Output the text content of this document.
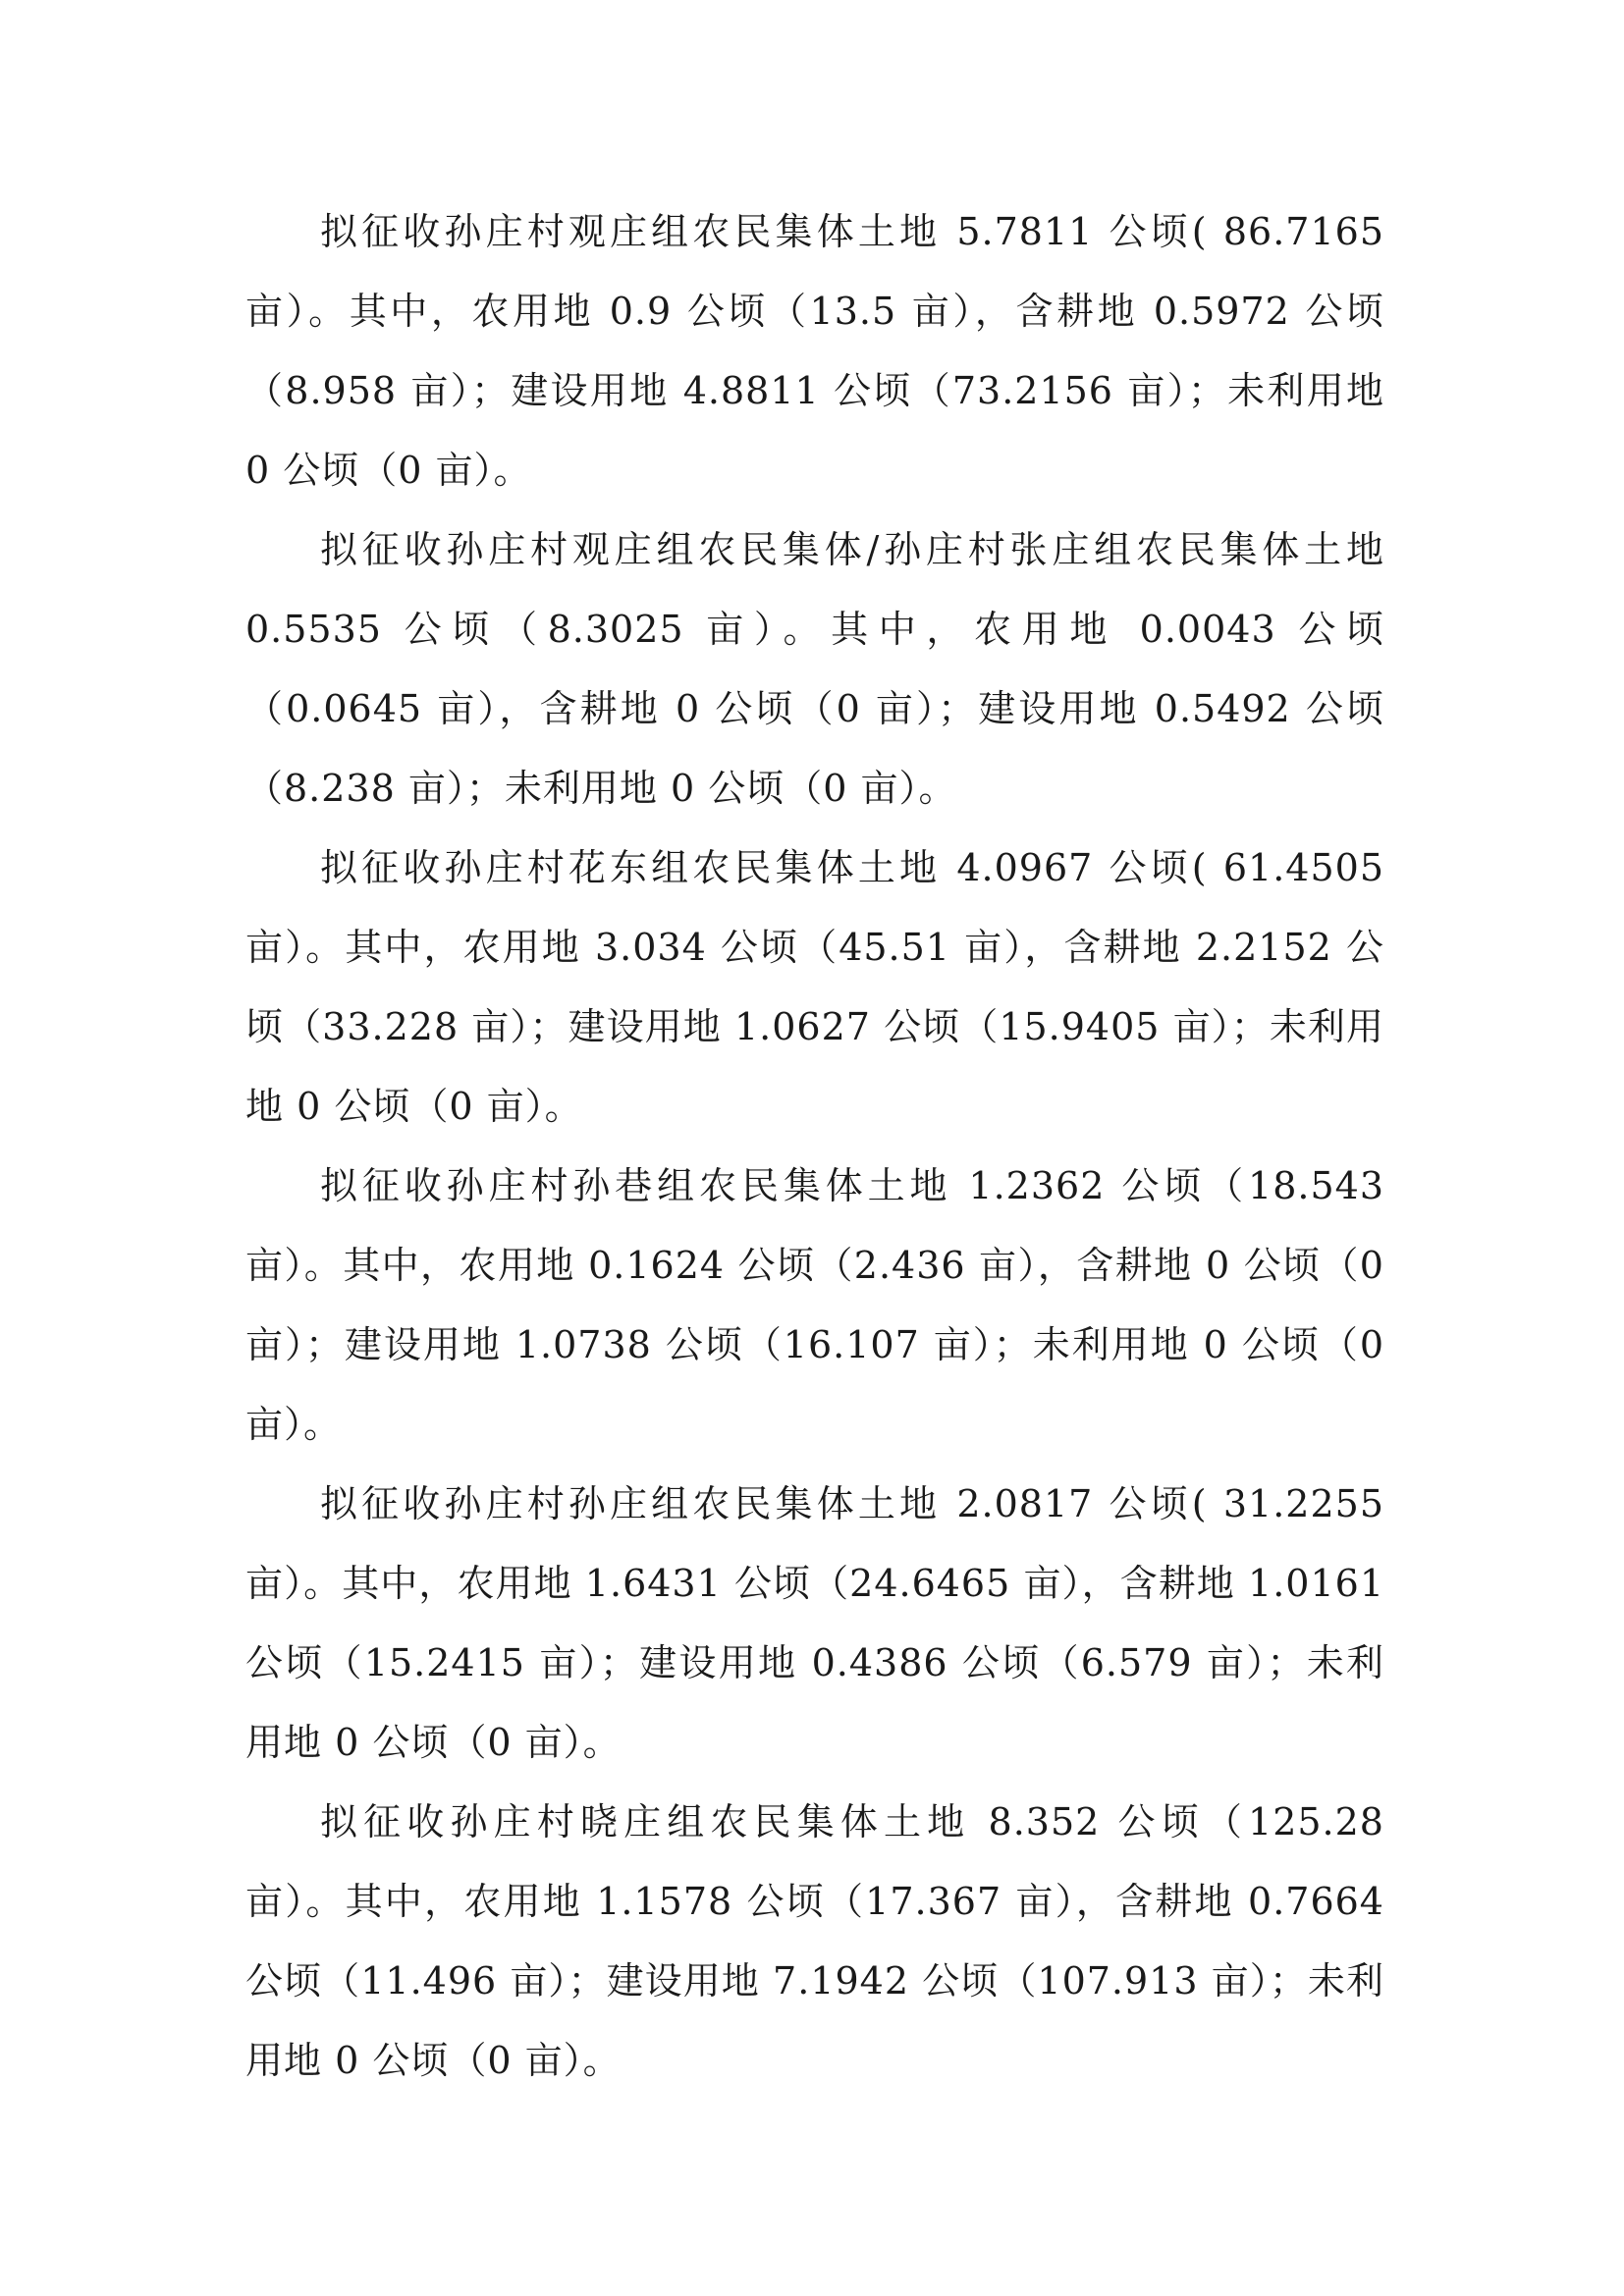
拟征收孙庄村观庄组农民集体土地 5.7811 公顷( 86.7165 亩）。其中，农用地 0.9 公顷（13.5 亩），含耕地 0.5972 公顷（8.958 亩）；建设用地 4.8811 公顷（73.2156 亩）；未利用地 0 公顷（0 亩）。

拟征收孙庄村观庄组农民集体/孙庄村张庄组农民集体土地 0.5535 公顷（8.3025 亩）。其中，农用地 0.0043 公顷（0.0645 亩），含耕地 0 公顷（0 亩）；建设用地 0.5492 公顷（8.238 亩）；未利用地 0 公顷（0 亩）。

拟征收孙庄村花东组农民集体土地 4.0967 公顷( 61.4505 亩）。其中，农用地 3.034 公顷（45.51 亩），含耕地 2.2152 公顷（33.228 亩）；建设用地 1.0627 公顷（15.9405 亩）；未利用地 0 公顷（0 亩）。

拟征收孙庄村孙巷组农民集体土地 1.2362 公顷（18.543 亩）。其中，农用地 0.1624 公顷（2.436 亩），含耕地 0 公顷（0 亩）；建设用地 1.0738 公顷（16.107 亩）；未利用地 0 公顷（0 亩）。

拟征收孙庄村孙庄组农民集体土地 2.0817 公顷( 31.2255 亩）。其中，农用地 1.6431 公顷（24.6465 亩），含耕地 1.0161 公顷（15.2415 亩）；建设用地 0.4386 公顷（6.579 亩）；未利用地 0 公顷（0 亩）。

拟征收孙庄村晓庄组农民集体土地 8.352 公顷（125.28 亩）。其中，农用地 1.1578 公顷（17.367 亩），含耕地 0.7664 公顷（11.496 亩）；建设用地 7.1942 公顷（107.913 亩）；未利用地 0 公顷（0 亩）。
